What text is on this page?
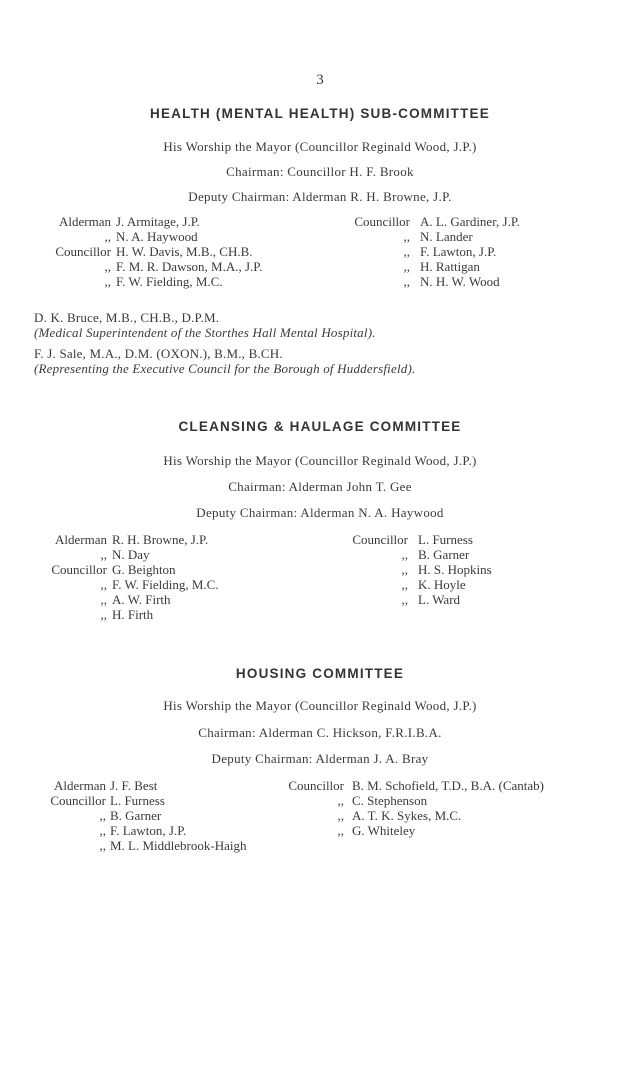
3
HEALTH (MENTAL HEALTH) SUB-COMMITTEE
His Worship the Mayor (Councillor Reginald Wood, J.P.)
Chairman: Councillor H. F. Brook
Deputy Chairman: Alderman R. H. Browne, J.P.
Alderman
,,
Councillor
,,
,,
J. Armitage, J.P.
N. A. Haywood
H. W. Davis, M.B., CH.B.
F. M. R. Dawson, M.A., J.P.
F. W. Fielding, M.C.
Councillor
,,
,,
,,
,,
A. L. Gardiner, J.P.
N. Lander
F. Lawton, J.P.
H. Rattigan
N. H. W. Wood
D. K. Bruce, M.B., CH.B., D.P.M.
(Medical Superintendent of the Storthes Hall Mental Hospital).
F. J. Sale, M.A., D.M. (OXON.), B.M., B.CH.
(Representing the Executive Council for the Borough of Huddersfield).
CLEANSING & HAULAGE COMMITTEE
His Worship the Mayor (Councillor Reginald Wood, J.P.)
Chairman: Alderman John T. Gee
Deputy Chairman: Alderman N. A. Haywood
Alderman
,,
Councillor
,,
,,
,,
R. H. Browne, J.P.
N. Day
G. Beighton
F. W. Fielding, M.C.
A. W. Firth
H. Firth
Councillor
,,
,,
,,
,,
L. Furness
B. Garner
H. S. Hopkins
K. Hoyle
L. Ward
HOUSING COMMITTEE
His Worship the Mayor (Councillor Reginald Wood, J.P.)
Chairman: Alderman C. Hickson, F.R.I.B.A.
Deputy Chairman: Alderman J. A. Bray
Alderman
Councillor
,,
,,
,,
J. F. Best
L. Furness
B. Garner
F. Lawton, J.P.
M. L. Middlebrook-Haigh
Councillor
,,
,,
,,
B. M. Schofield, T.D., B.A. (Cantab)
C. Stephenson
A. T. K. Sykes, M.C.
G. Whiteley
